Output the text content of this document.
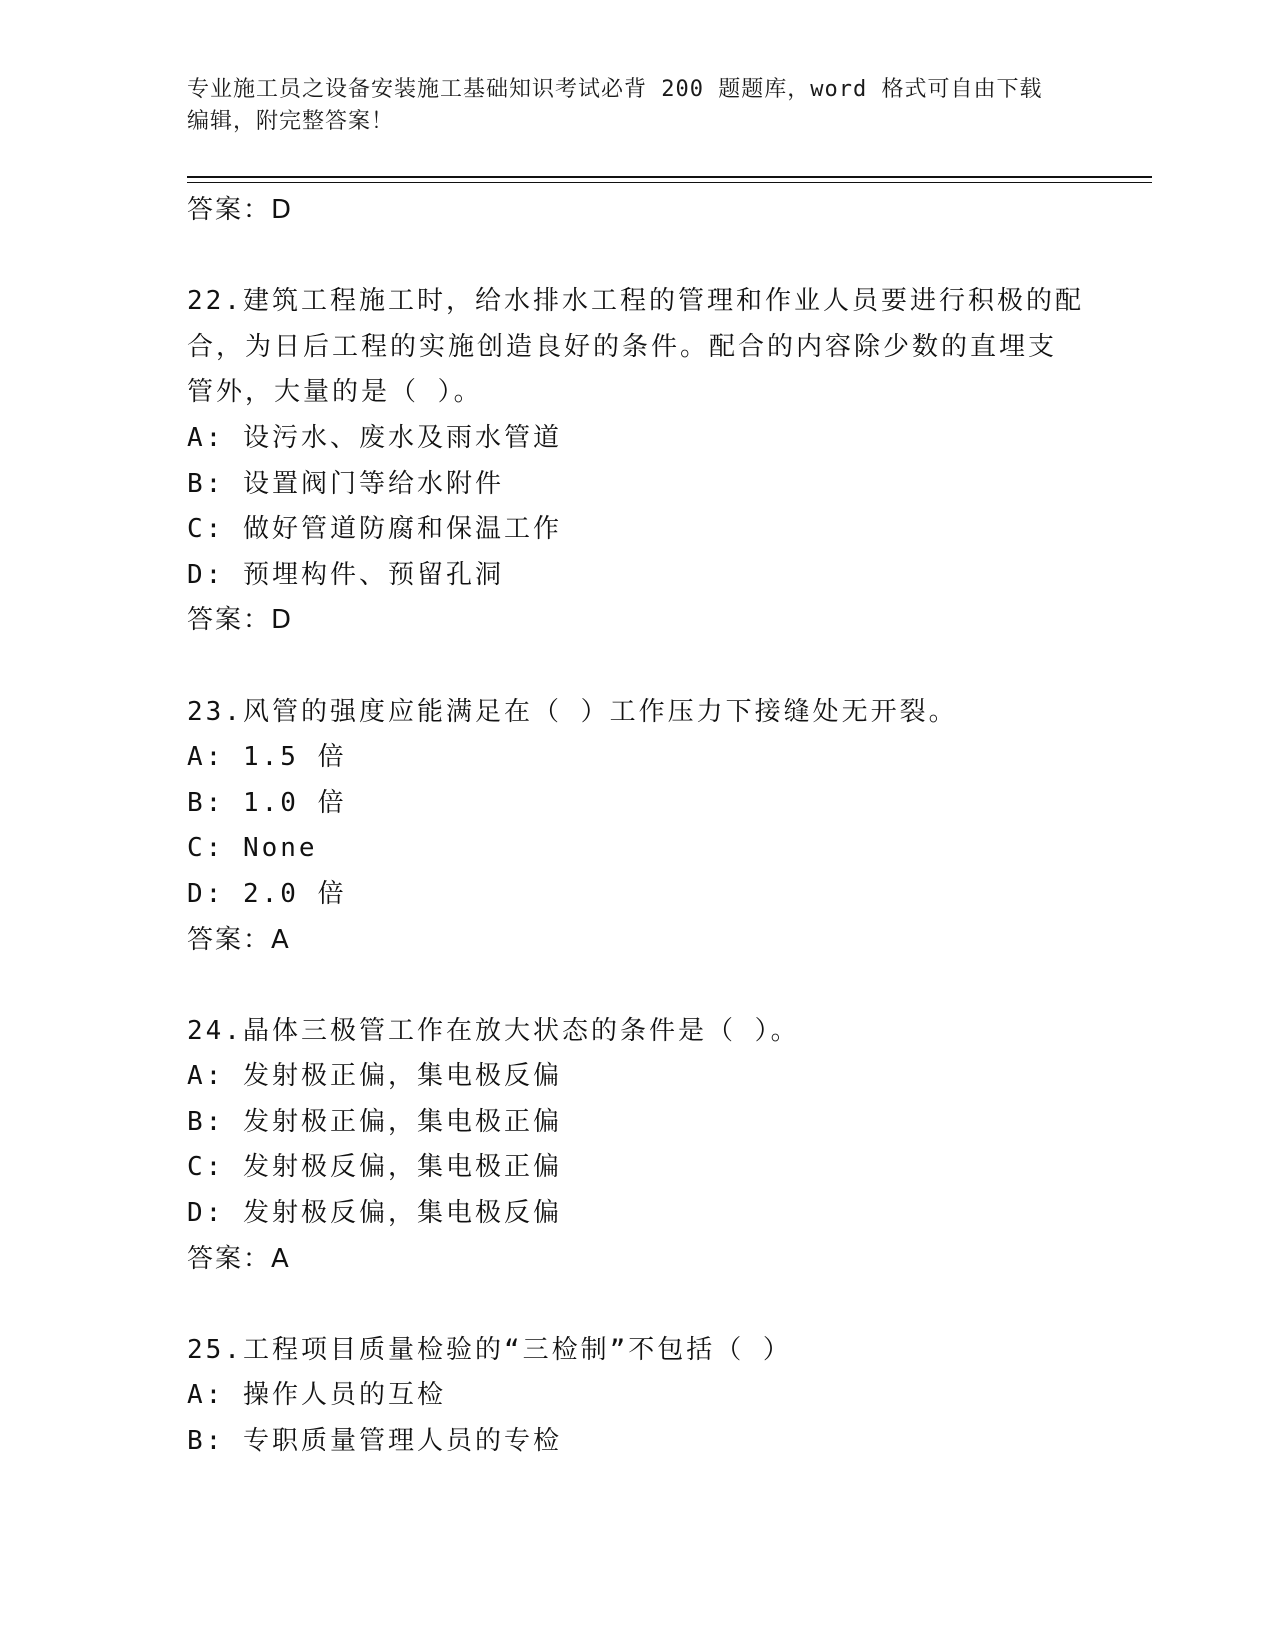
专业施工员之设备安装施工基础知识考试必背 200 题题库，word 格式可自由下载
编辑，附完整答案！
答案：D
22.建筑工程施工时，给水排水工程的管理和作业人员要进行积极的配
合，为日后工程的实施创造良好的条件。配合的内容除少数的直埋支
管外，大量的是（ ）。
A: 设污水、废水及雨水管道
B: 设置阀门等给水附件
C: 做好管道防腐和保温工作
D: 预埋构件、预留孔洞
答案：D
23.风管的强度应能满足在（ ）工作压力下接缝处无开裂。
A: 1.5 倍
B: 1.0 倍
C: None
D: 2.0 倍
答案：A
24.晶体三极管工作在放大状态的条件是（ ）。
A: 发射极正偏，集电极反偏
B: 发射极正偏，集电极正偏
C: 发射极反偏，集电极正偏
D: 发射极反偏，集电极反偏
答案：A
25.工程项目质量检验的“三检制”不包括（ ）
A: 操作人员的互检
B: 专职质量管理人员的专检
